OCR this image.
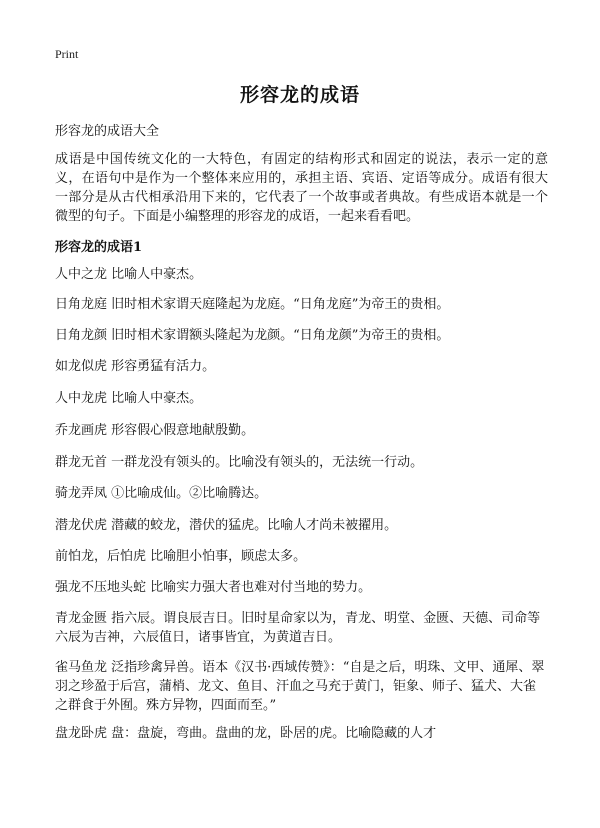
Print
形容龙的成语
形容龙的成语大全

成语是中国传统文化的一大特色，有固定的结构形式和固定的说法，表示一定的意义，在语句中是作为一个整体来应用的，承担主语、宾语、定语等成分。成语有很大一部分是从古代相承沿用下来的，它代表了一个故事或者典故。有些成语本就是一个微型的句子。下面是小编整理的形容龙的成语，一起来看看吧。

形容龙的成语1

人中之龙 比喻人中豪杰。

日角龙庭 旧时相术家谓天庭隆起为龙庭。“日角龙庭”为帝王的贵相。

日角龙颜 旧时相术家谓额头隆起为龙颜。“日角龙颜”为帝王的贵相。

如龙似虎 形容勇猛有活力。

人中龙虎 比喻人中豪杰。

乔龙画虎 形容假心假意地献殷勤。

群龙无首 一群龙没有领头的。比喻没有领头的，无法统一行动。

骑龙弄凤 ①比喻成仙。②比喻腾达。

潜龙伏虎 潜藏的蛟龙，潜伏的猛虎。比喻人才尚未被擢用。

前怕龙，后怕虎 比喻胆小怕事，顾虑太多。

强龙不压地头蛇 比喻实力强大者也难对付当地的势力。

青龙金匮 指六辰。谓良辰吉日。旧时星命家以为，青龙、明堂、金匮、天德、司命等六辰为吉神，六辰值日，诸事皆宜，为黄道吉日。

雀马鱼龙 泛指珍禽异兽。语本《汉书·西域传赞》：“自是之后，明珠、文甲、通犀、翠羽之珍盈于后宫，蒲梢、龙文、鱼目、汗血之马充于黄门，钜象、师子、猛犬、大雀之群食于外囿。殊方异物，四面而至。”

盘龙卧虎 盘：盘旋，弯曲。盘曲的龙，卧居的虎。比喻隐藏的人才
